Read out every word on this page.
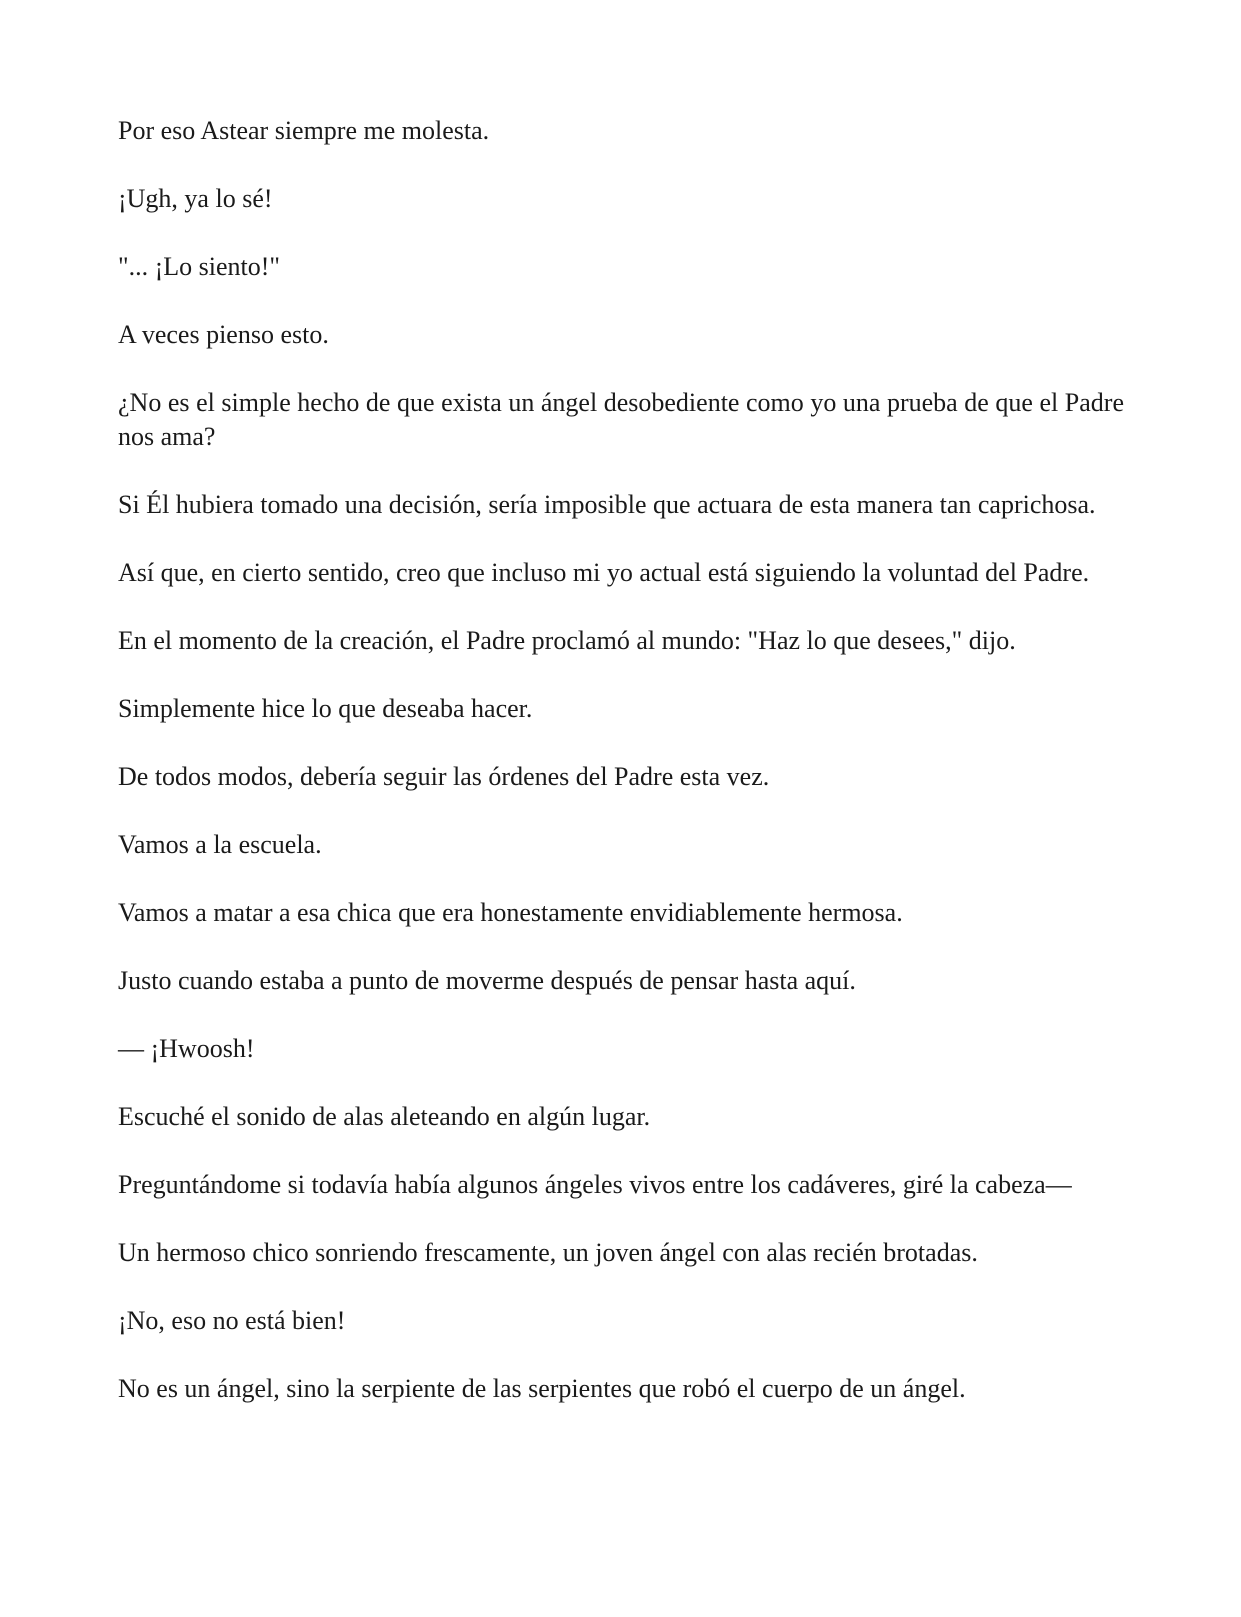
Por eso Astear siempre me molesta.

¡Ugh, ya lo sé!

"... ¡Lo siento!"

A veces pienso esto.

¿No es el simple hecho de que exista un ángel desobediente como yo una prueba de que el Padre nos ama?

Si Él hubiera tomado una decisión, sería imposible que actuara de esta manera tan caprichosa.

Así que, en cierto sentido, creo que incluso mi yo actual está siguiendo la voluntad del Padre.

En el momento de la creación, el Padre proclamó al mundo: "Haz lo que desees," dijo.

Simplemente hice lo que deseaba hacer.

De todos modos, debería seguir las órdenes del Padre esta vez.

Vamos a la escuela.

Vamos a matar a esa chica que era honestamente envidiablemente hermosa.

Justo cuando estaba a punto de moverme después de pensar hasta aquí.

— ¡Hwoosh!

Escuché el sonido de alas aleteando en algún lugar.

Preguntándome si todavía había algunos ángeles vivos entre los cadáveres, giré la cabeza—

Un hermoso chico sonriendo frescamente, un joven ángel con alas recién brotadas.

¡No, eso no está bien!

No es un ángel, sino la serpiente de las serpientes que robó el cuerpo de un ángel.
